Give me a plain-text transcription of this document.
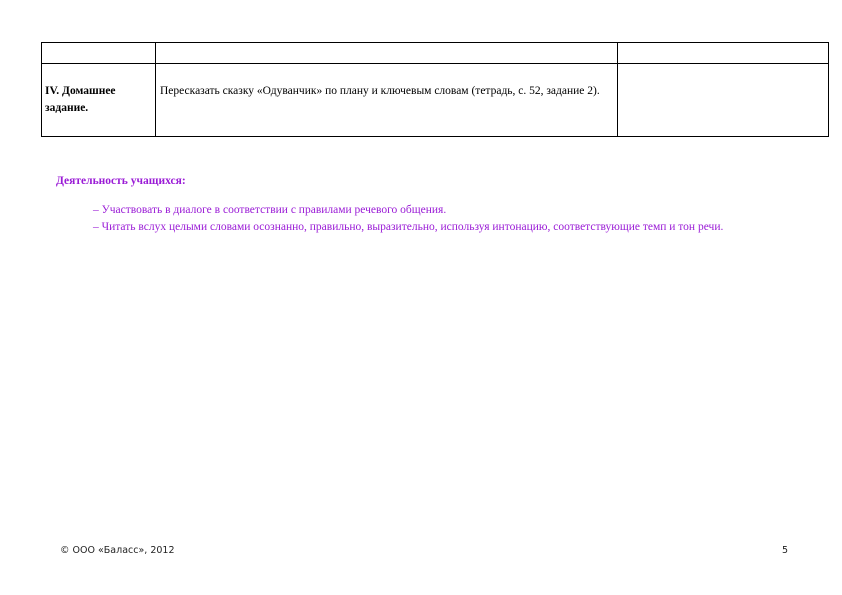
IV. Домашнее задание.	Пересказать сказку «Одуванчик» по плану и ключевым словам (тетрадь, с. 52, задание 2).	

Деятельность учащихся:

– Участвовать в диалоге в соответствии с правилами речевого общения.

– Читать вслух целыми словами осознанно, правильно, выразительно, используя интонацию, соответствующие темп и тон речи.

© ООО «Баласс», 2012	5
